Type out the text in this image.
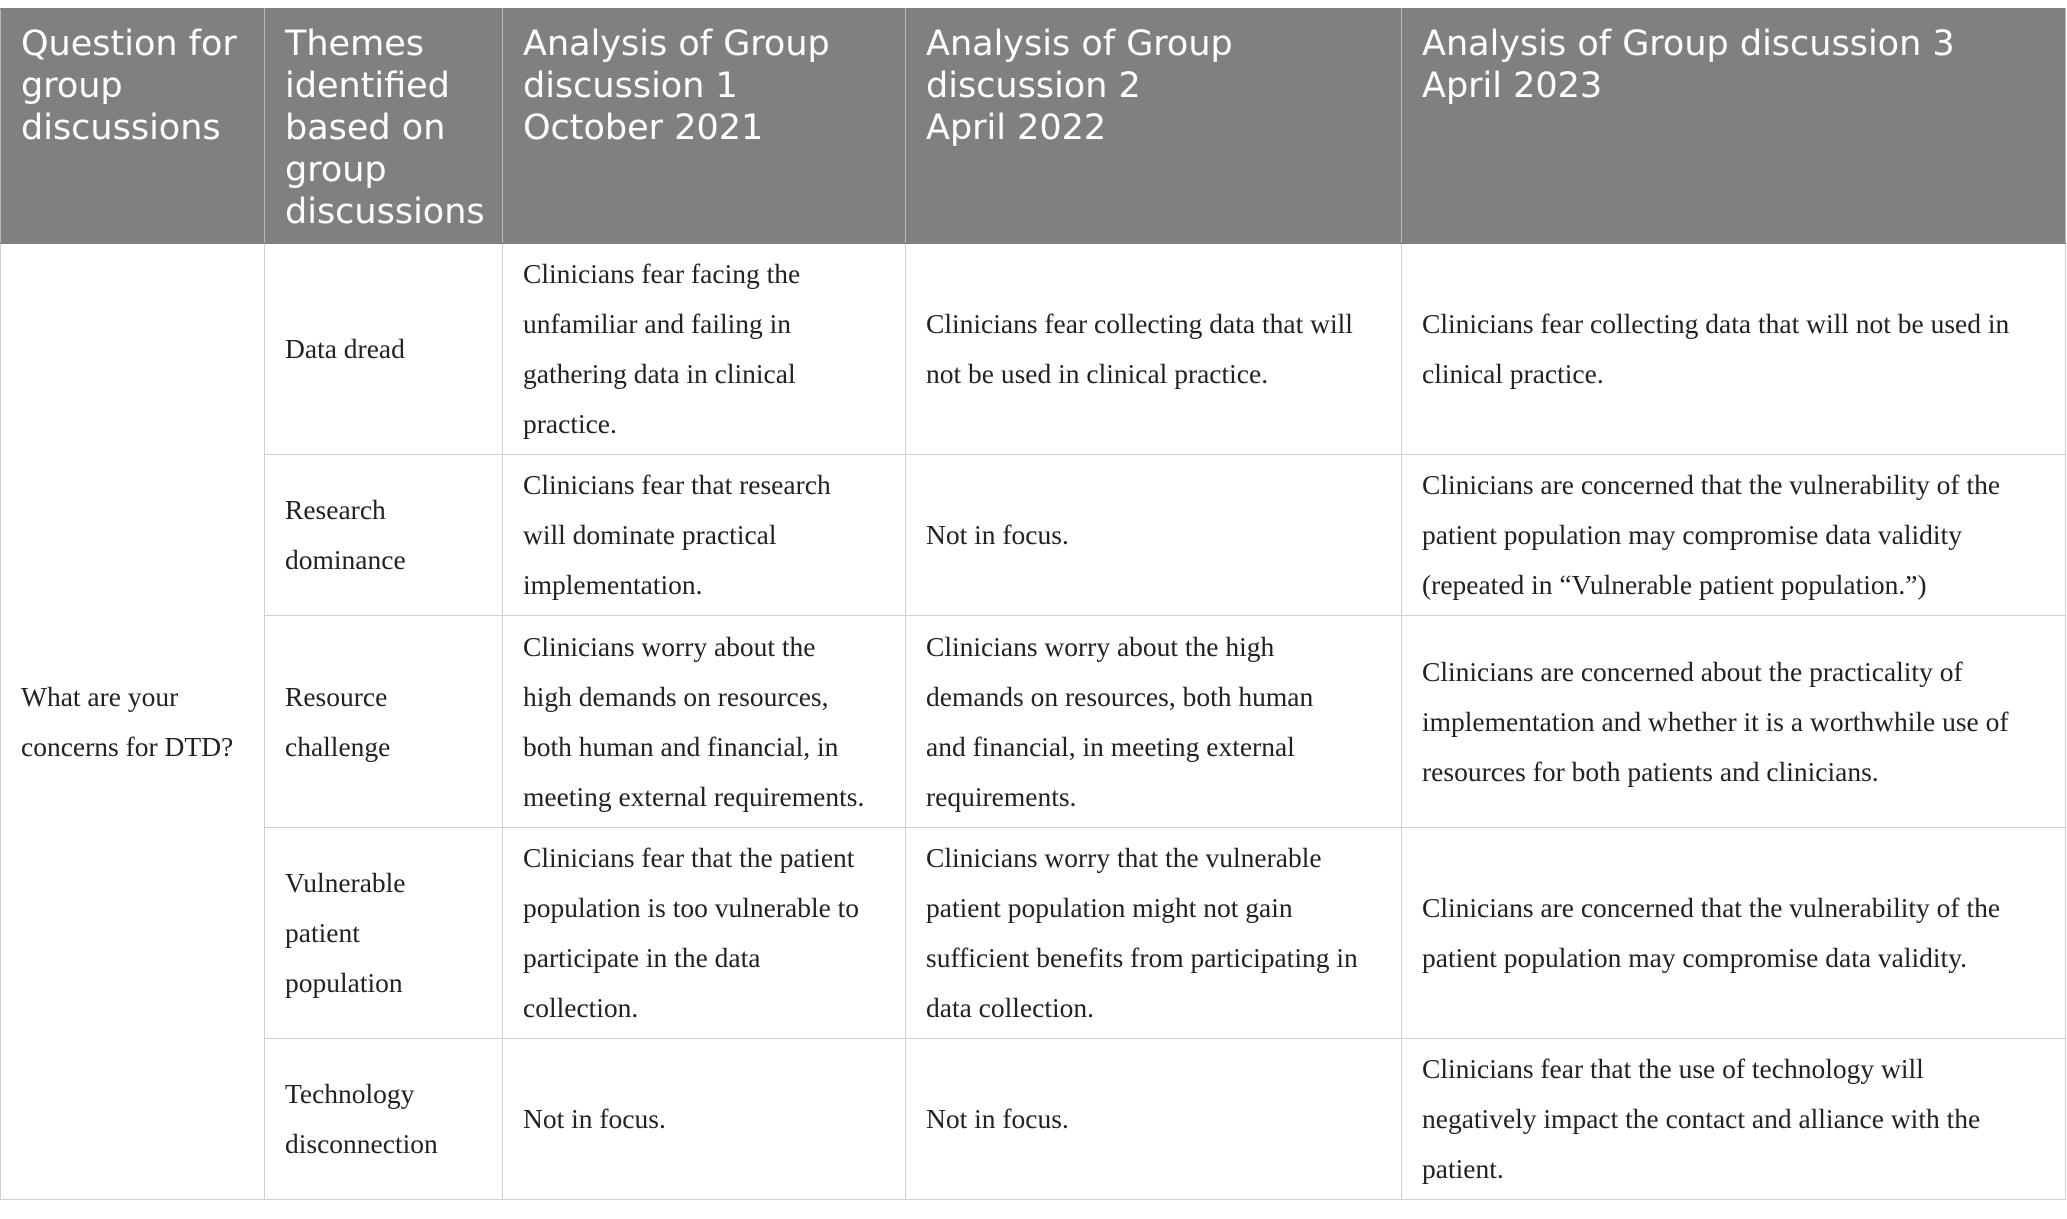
Question for
group
discussions	Themes
identified
based on
group
discussions	Analysis of Group
discussion 1
October 2021	Analysis of Group
discussion 2
April 2022	Analysis of Group discussion 3
April 2023

What are your
concerns for DTD?	Data dread	Clinicians fear facing the
unfamiliar and failing in
gathering data in clinical
practice.	Clinicians fear collecting data that will
not be used in clinical practice.	Clinicians fear collecting data that will not be used in
clinical practice.

	Research
dominance	Clinicians fear that research
will dominate practical
implementation.	Not in focus.	Clinicians are concerned that the vulnerability of the
patient population may compromise data validity
(repeated in “Vulnerable patient population.”)

	Resource
challenge	Clinicians worry about the
high demands on resources,
both human and financial, in
meeting external requirements.	Clinicians worry about the high
demands on resources, both human
and financial, in meeting external
requirements.	Clinicians are concerned about the practicality of
implementation and whether it is a worthwhile use of
resources for both patients and clinicians.

	Vulnerable
patient
population	Clinicians fear that the patient
population is too vulnerable to
participate in the data
collection.	Clinicians worry that the vulnerable
patient population might not gain
sufficient benefits from participating in
data collection.	Clinicians are concerned that the vulnerability of the
patient population may compromise data validity.

	Technology
disconnection	Not in focus.	Not in focus.	Clinicians fear that the use of technology will
negatively impact the contact and alliance with the
patient.
